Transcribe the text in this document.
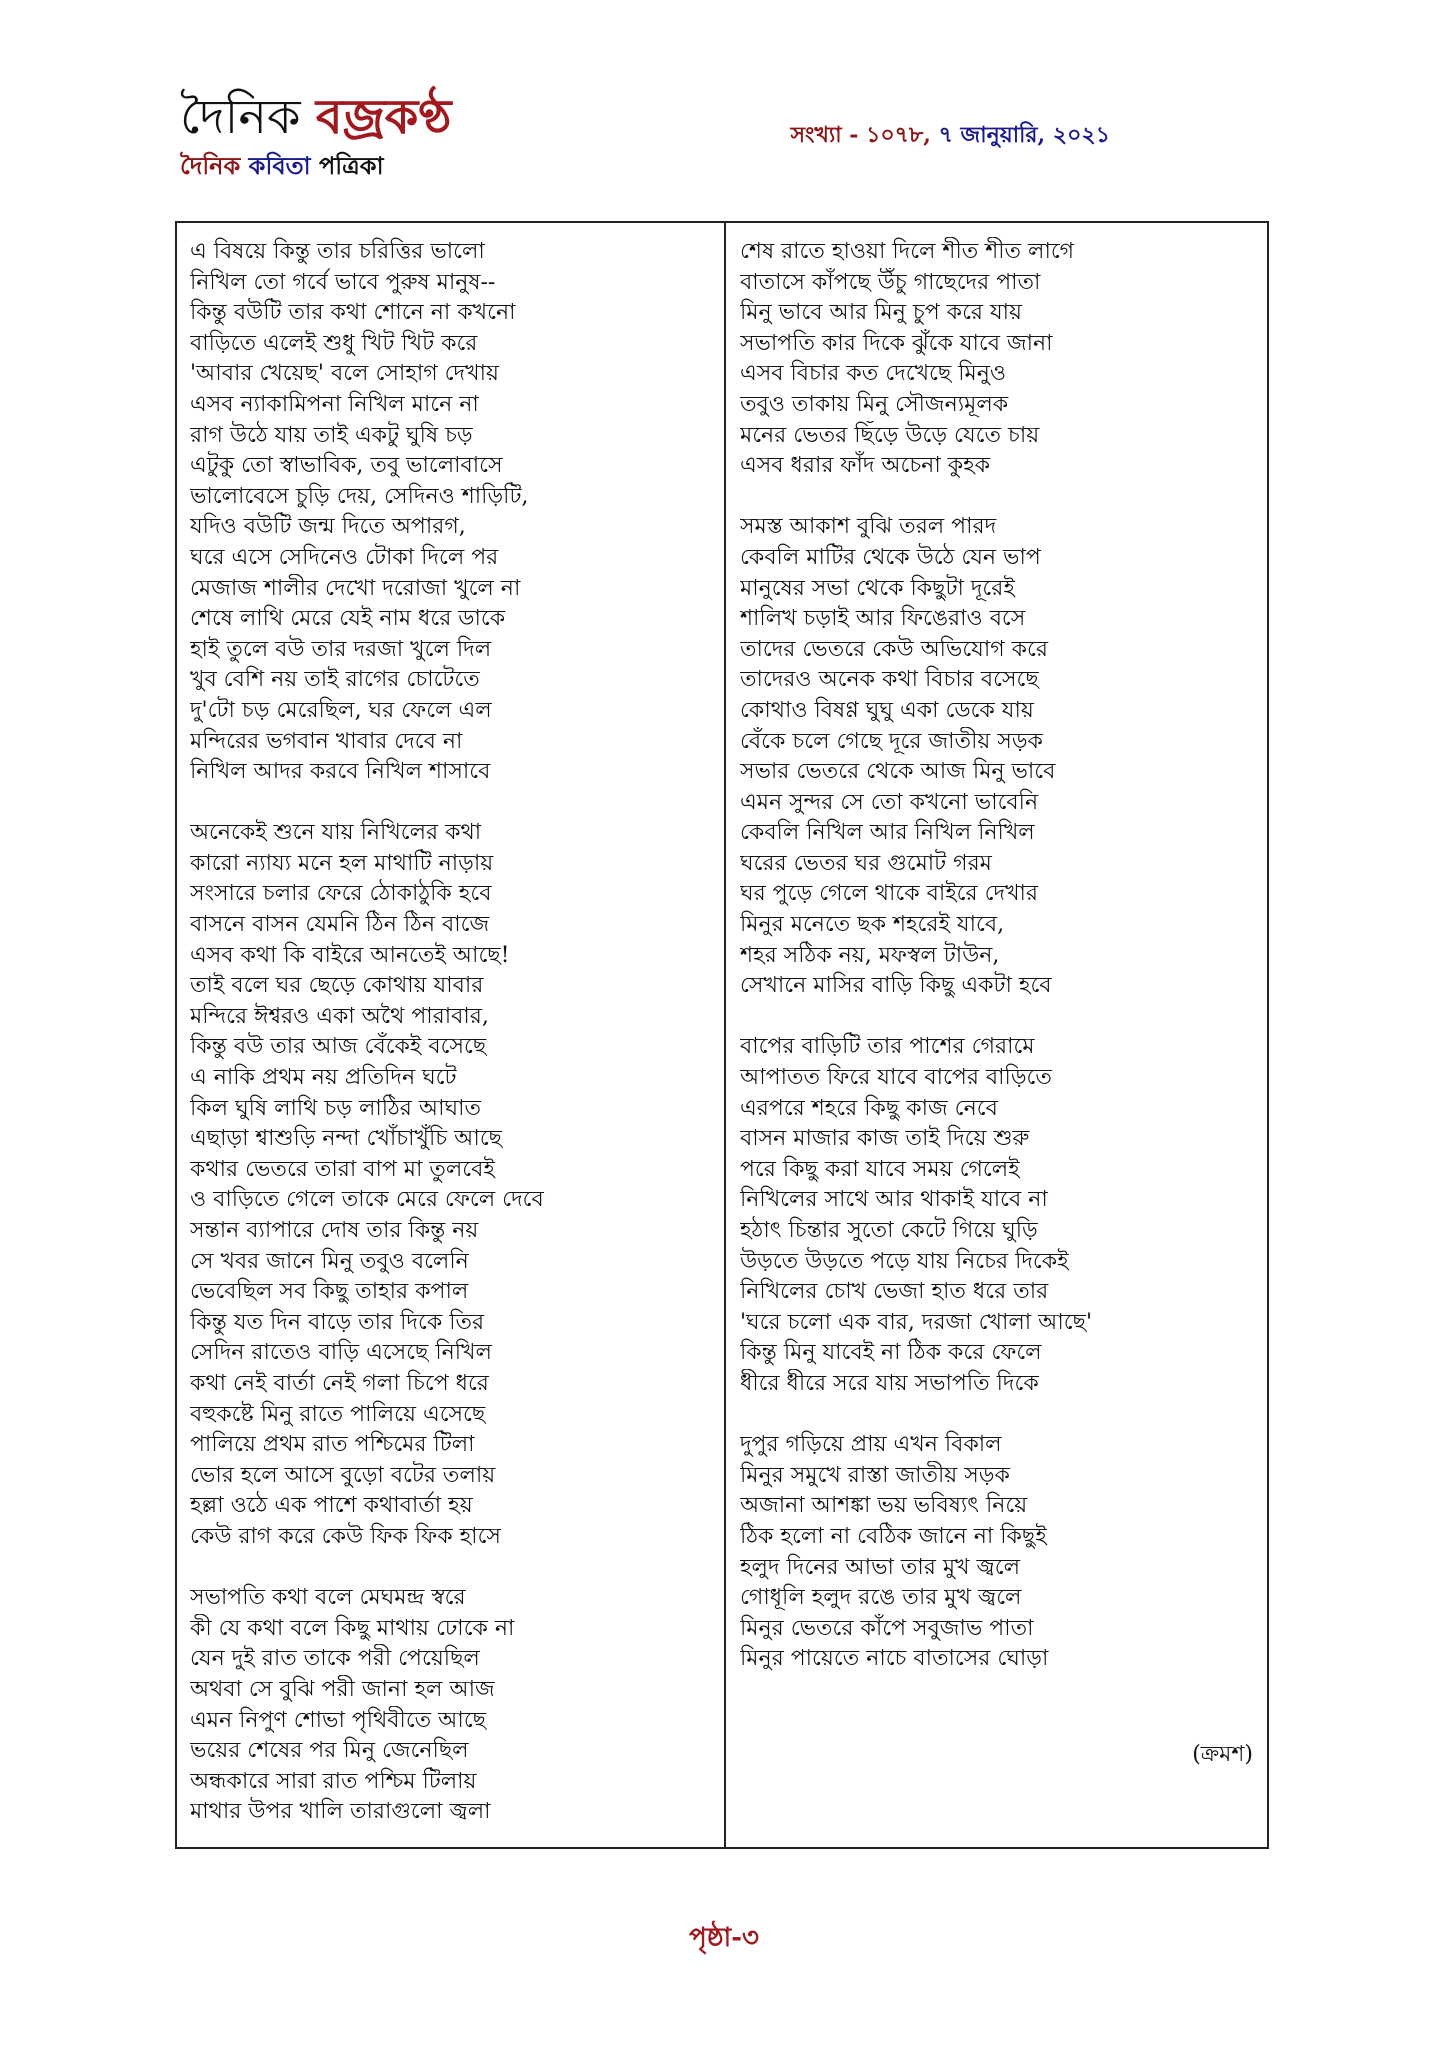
দৈনিক বজ্রকণ্ঠ
দৈনিক কবিতা পত্রিকা
সংখ্যা - ১০৭৮, ৭ জানুয়ারি, ২০২১
এ বিষয়ে কিন্তু তার চরিত্তির ভালো
নিখিল তো গর্বে ভাবে পুরুষ মানুষ--
কিন্তু বউটি তার কথা শোনে না কখনো
বাড়িতে এলেই শুধু খিট খিট করে
'আবার খেয়েছ' বলে সোহাগ দেখায়
এসব ন্যাকামিপনা নিখিল মানে না
রাগ উঠে যায় তাই একটু ঘুষি চড়
এটুকু তো স্বাভাবিক, তবু ভালোবাসে
ভালোবেসে চুড়ি দেয়, সেদিনও শাড়িটি,
যদিও বউটি জন্ম দিতে অপারগ,
ঘরে এসে সেদিনেও টোকা দিলে পর
মেজাজ শালীর দেখো দরোজা খুলে না
শেষে লাথি মেরে যেই নাম ধরে ডাকে
হাই তুলে বউ তার দরজা খুলে দিল
খুব বেশি নয় তাই রাগের চোটেতে
দু'টো চড় মেরেছিল, ঘর ফেলে এল
মন্দিরের ভগবান খাবার দেবে না
নিখিল আদর করবে নিখিল শাসাবে
অনেকেই শুনে যায় নিখিলের কথা
কারো ন্যায্য মনে হল মাথাটি নাড়ায়
সংসারে চলার ফেরে ঠোকাঠুকি হবে
বাসনে বাসন যেমনি ঠিন ঠিন বাজে
এসব কথা কি বাইরে আনতেই আছে!
তাই বলে ঘর ছেড়ে কোথায় যাবার
মন্দিরে ঈশ্বরও একা অথৈ পারাবার,
কিন্তু বউ তার আজ বেঁকেই বসেছে
এ নাকি প্রথম নয় প্রতিদিন ঘটে
কিল ঘুষি লাথি চড় লাঠির আঘাত
এছাড়া শ্বাশুড়ি নন্দা খোঁচাখুঁচি আছে
কথার ভেতরে তারা বাপ মা তুলবেই
ও বাড়িতে গেলে তাকে মেরে ফেলে দেবে
সন্তান ব্যাপারে দোষ তার কিন্তু নয়
সে খবর জানে মিনু তবুও বলেনি
ভেবেছিল সব কিছু তাহার কপাল
কিন্তু যত দিন বাড়ে তার দিকে তির
সেদিন রাতেও বাড়ি এসেছে নিখিল
কথা নেই বার্তা নেই গলা চিপে ধরে
বহুকষ্টে মিনু রাতে পালিয়ে এসেছে
পালিয়ে প্রথম রাত পশ্চিমের টিলা
ভোর হলে আসে বুড়ো বটের তলায়
হল্লা ওঠে এক পাশে কথাবার্তা হয়
কেউ রাগ করে কেউ ফিক ফিক হাসে
সভাপতি কথা বলে মেঘমন্দ্র স্বরে
কী যে কথা বলে কিছু মাথায় ঢোকে না
যেন দুই রাত তাকে পরী পেয়েছিল
অথবা সে বুঝি পরী জানা হল আজ
এমন নিপুণ শোভা পৃথিবীতে আছে
ভয়ের শেষের পর মিনু জেনেছিল
অন্ধকারে সারা রাত পশ্চিম টিলায়
মাথার উপর খালি তারাগুলো জ্বলা
শেষ রাতে হাওয়া দিলে শীত শীত লাগে
বাতাসে কাঁপছে উঁচু গাছেদের পাতা
মিনু ভাবে আর মিনু চুপ করে যায়
সভাপতি কার দিকে ঝুঁকে যাবে জানা
এসব বিচার কত দেখেছে মিনুও
তবুও তাকায় মিনু সৌজন্যমূলক
মনের ভেতর ছিঁড়ে উড়ে যেতে চায়
এসব ধরার ফাঁদ অচেনা কুহক
সমস্ত আকাশ বুঝি তরল পারদ
কেবলি মাটির থেকে উঠে যেন ভাপ
মানুষের সভা থেকে কিছুটা দূরেই
শালিখ চড়াই আর ফিঙেরাও বসে
তাদের ভেতরে কেউ অভিযোগ করে
তাদেরও অনেক কথা বিচার বসেছে
কোথাও বিষণ্ণ ঘুঘু একা ডেকে যায়
বেঁকে চলে গেছে দূরে জাতীয় সড়ক
সভার ভেতরে থেকে আজ মিনু ভাবে
এমন সুন্দর সে তো কখনো ভাবেনি
কেবলি নিখিল আর নিখিল নিখিল
ঘরের ভেতর ঘর গুমোট গরম
ঘর পুড়ে গেলে থাকে বাইরে দেখার
মিনুর মনেতে ছক শহরেই যাবে,
শহর সঠিক নয়, মফস্বল টাউন,
সেখানে মাসির বাড়ি কিছু একটা হবে
বাপের বাড়িটি তার পাশের গেরামে
আপাতত ফিরে যাবে বাপের বাড়িতে
এরপরে শহরে কিছু কাজ নেবে
বাসন মাজার কাজ তাই দিয়ে শুরু
পরে কিছু করা যাবে সময় গেলেই
নিখিলের সাথে আর থাকাই যাবে না
হঠাৎ চিন্তার সুতো কেটে গিয়ে ঘুড়ি
উড়তে উড়তে পড়ে যায় নিচের দিকেই
নিখিলের চোখ ভেজা হাত ধরে তার
'ঘরে চলো এক বার, দরজা খোলা আছে'
কিন্তু মিনু যাবেই না ঠিক করে ফেলে
ধীরে ধীরে সরে যায় সভাপতি দিকে
দুপুর গড়িয়ে প্রায় এখন বিকাল
মিনুর সমুখে রাস্তা জাতীয় সড়ক
অজানা আশঙ্কা ভয় ভবিষ্যৎ নিয়ে
ঠিক হলো না বেঠিক জানে না কিছুই
হলুদ দিনের আভা তার মুখ জ্বলে
গোধূলি হলুদ রঙে তার মুখ জ্বলে
মিনুর ভেতরে কাঁপে সবুজাভ পাতা
মিনুর পায়েতে নাচে বাতাসের ঘোড়া
(ক্রমশ)
পৃষ্ঠা-৩
